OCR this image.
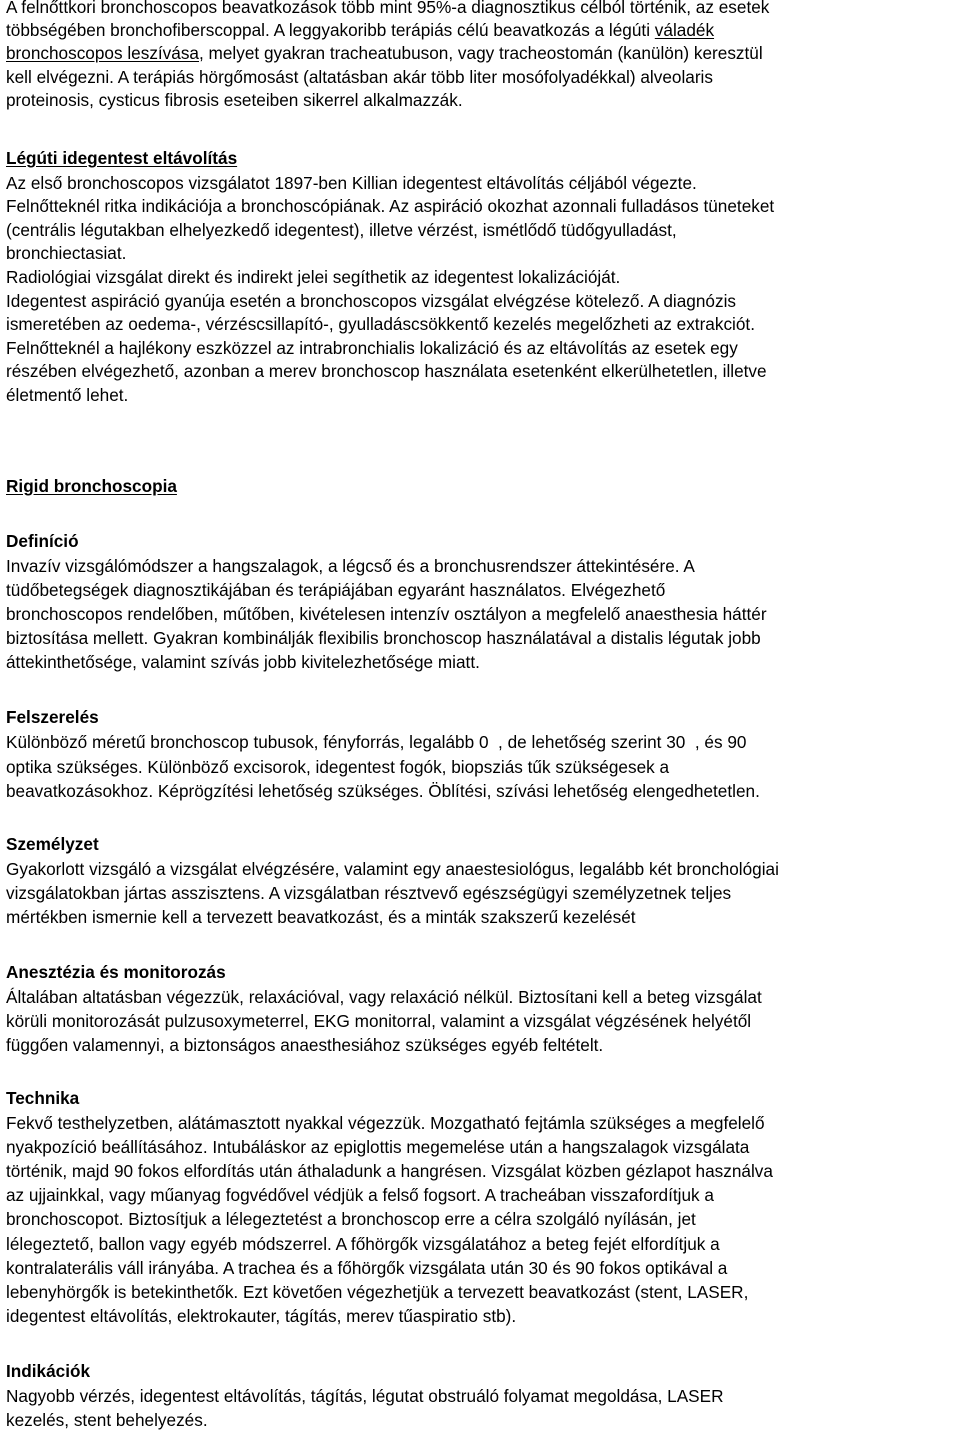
A felnőttkori bronchoscopos beavatkozások több mint 95%-a diagnosztikus célból történik, az esetek
többségében bronchofiberscoppal. A leggyakoribb terápiás célú beavatkozás a légúti váladék
bronchoscopos leszívása, melyet gyakran tracheatubuson, vagy tracheostomán (kanülön) keresztül
kell elvégezni. A terápiás hörgőmosást (altatásban akár több liter mosófolyadékkal) alveolaris
proteinosis, cysticus fibrosis eseteiben sikerrel alkalmazzák.
Légúti idegentest eltávolítás
Az első bronchoscopos vizsgálatot 1897-ben Killian idegentest eltávolítás céljából végezte.
Felnőtteknél ritka indikációja a bronchoscópiának. Az aspiráció okozhat azonnali fulladásos tüneteket
(centrális légutakban elhelyezkedő idegentest), illetve vérzést, ismétlődő tüdőgyulladást,
bronchiectasiat.
Radiológiai vizsgálat direkt és indirekt jelei segíthetik az idegentest lokalizációját.
Idegentest aspiráció gyanúja esetén a bronchoscopos vizsgálat elvégzése kötelező. A diagnózis
ismeretében az oedema-, vérzéscsillapító-, gyulladáscsökkentő kezelés megelőzheti az extrakciót.
Felnőtteknél a hajlékony eszközzel az intrabronchialis lokalizáció és az eltávolítás az esetek egy
részében elvégezhető, azonban a merev bronchoscop használata esetenként elkerülhetetlen, illetve
életmentő lehet.
Rigid bronchoscopia
Definíció
Invazív vizsgálómódszer a hangszalagok, a légcső és a bronchusrendszer áttekintésére. A
tüdőbetegségek diagnosztikájában és terápiájában egyaránt használatos. Elvégezhető
bronchoscopos rendelőben, műtőben, kivételesen intenzív osztályon a megfelelő anaesthesia háttér
biztosítása mellett. Gyakran kombinálják flexibilis bronchoscop használatával a distalis légutak jobb
áttekinthetősége, valamint szívás jobb kivitelezhetősége miatt.
Felszerelés
Különböző méretű bronchoscop tubusok, fényforrás, legalább 0  , de lehetőség szerint 30  , és 90
optika szükséges. Különböző excisorok, idegentest fogók, biopsziás tűk szükségesek a
beavatkozásokhoz. Képrögzítési lehetőség szükséges. Öblítési, szívási lehetőség elengedhetetlen.
Személyzet
Gyakorlott vizsgáló a vizsgálat elvégzésére, valamint egy anaestesiológus, legalább két bronchológiai
vizsgálatokban jártas asszisztens. A vizsgálatban résztvevő egészségügyi személyzetnek teljes
mértékben ismernie kell a tervezett beavatkozást, és a minták szakszerű kezelését
Anesztézia és monitorozás
Általában altatásban végezzük, relaxációval, vagy relaxáció nélkül. Biztosítani kell a beteg vizsgálat
körüli monitorozását pulzusoxymeterrel, EKG monitorral, valamint a vizsgálat végzésének helyétől
függően valamennyi, a biztonságos anaesthesiához szükséges egyéb feltételt.
Technika
Fekvő testhelyzetben, alátámasztott nyakkal végezzük. Mozgatható fejtámla szükséges a megfelelő
nyakpozíció beállításához. Intubáláskor az epiglottis megemelése után a hangszalagok vizsgálata
történik, majd 90 fokos elfordítás után áthaladunk a hangrésen. Vizsgálat közben gézlapot használva
az ujjainkkal, vagy műanyag fogvédővel védjük a felső fogsort. A tracheában visszafordítjuk a
bronchoscopot. Biztosítjuk a lélegeztetést a bronchoscop erre a célra szolgáló nyílásán, jet
lélegeztető, ballon vagy egyéb módszerrel. A főhörgők vizsgálatához a beteg fejét elfordítjuk a
kontralaterális váll irányába. A trachea és a főhörgők vizsgálata után 30 és 90 fokos optikával a
lebenyhörgők is betekinthetők. Ezt követően végezhetjük a tervezett beavatkozást (stent, LASER,
idegentest eltávolítás, elektrokauter, tágítás, merev tűaspiratio stb).
Indikációk
Nagyobb vérzés, idegentest eltávolítás, tágítás, légutat obstruáló folyamat megoldása, LASER
kezelés, stent behelyezés.
